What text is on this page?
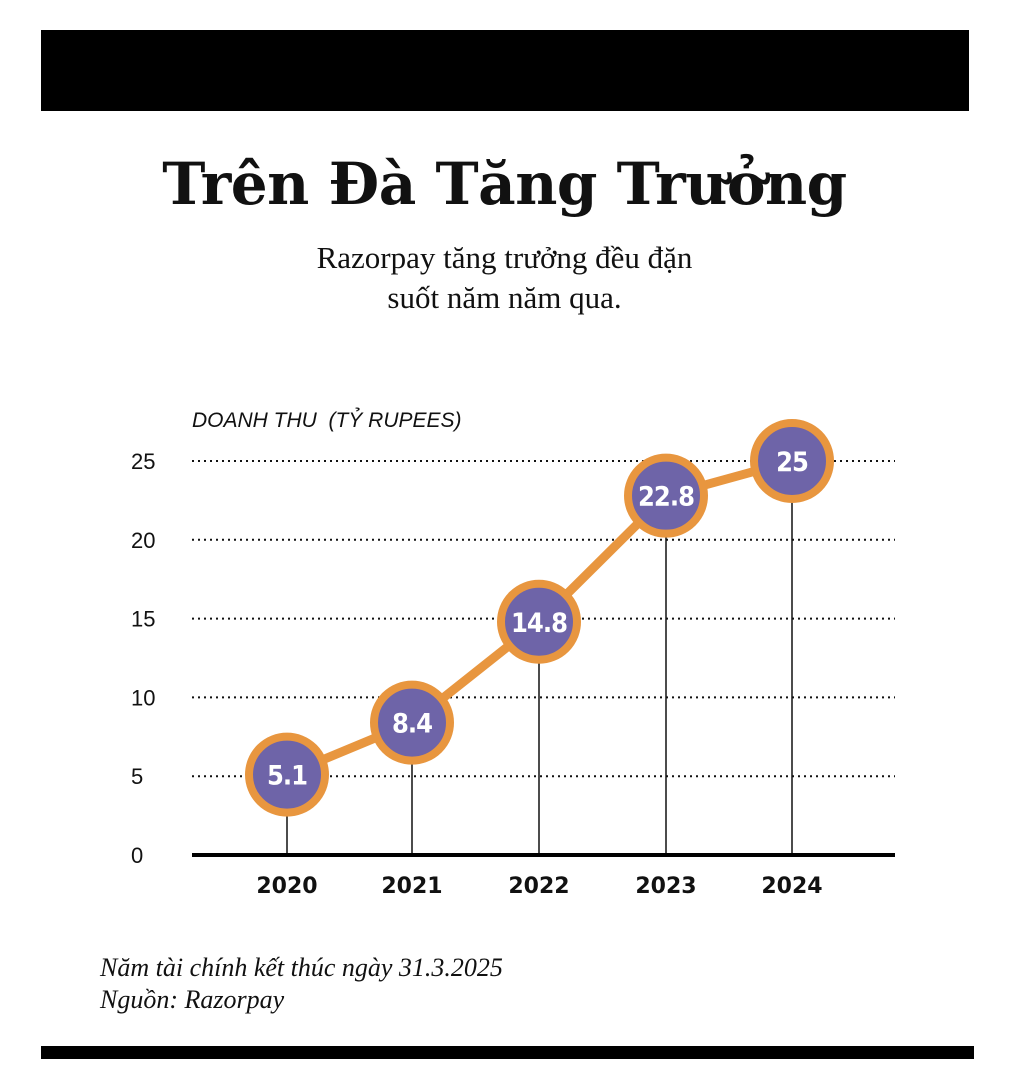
Trên Đà Tăng Trưởng
Razorpay tăng trưởng đều đặn
suốt năm năm qua.
DOANH THU  (TỶ RUPEES)
0
5
10
15
20
25
2020	2021	2022	2023	2024
5.1
8.4
14.8
22.8
25

Năm tài chính kết thúc ngày 31.3.2025

Nguồn: Razorpay
